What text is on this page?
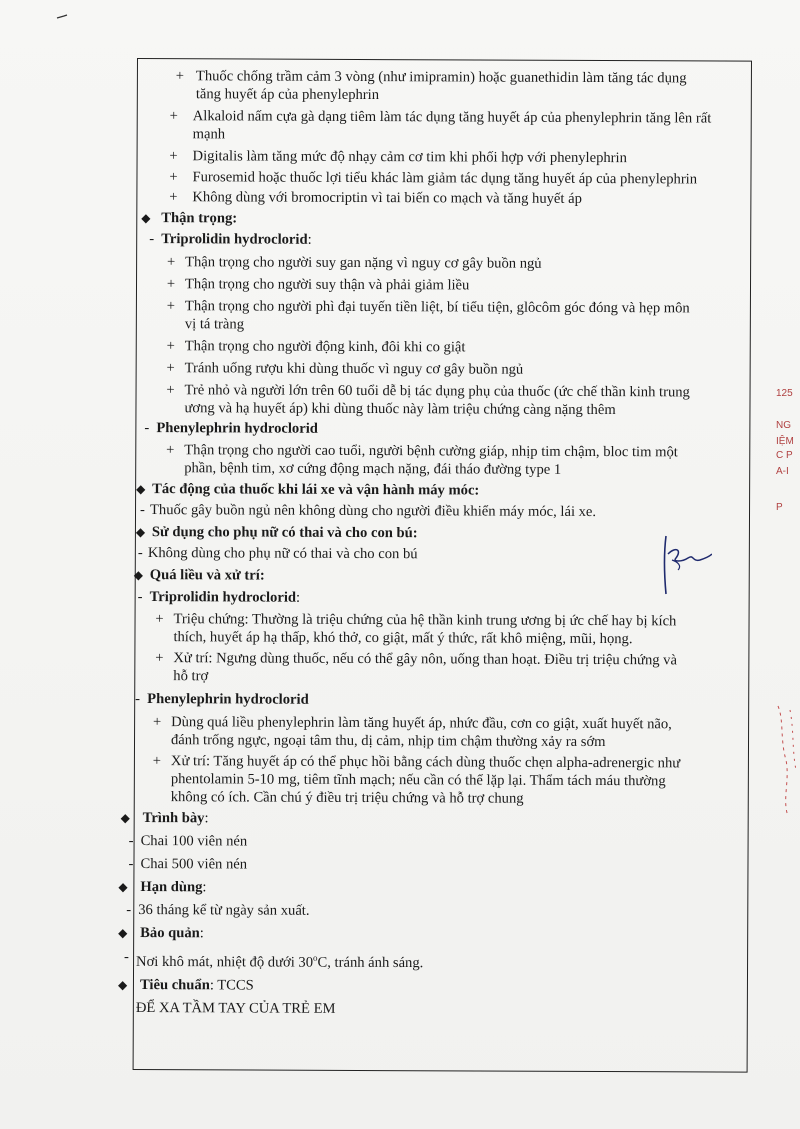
+ Thuốc chống trầm cảm 3 vòng (như imipramin) hoặc guanethidin làm tăng tác dụng
tăng huyết áp của phenylephrin
+	Alkaloid nấm cựa gà dạng tiêm làm tác dụng tăng huyết áp của phenylephrin tăng lên rất
mạnh
+	Digitalis làm tăng mức độ nhạy cảm cơ tim khi phối hợp với phenylephrin
+	Furosemid hoặc thuốc lợi tiểu khác làm giảm tác dụng tăng huyết áp của phenylephrin
+	Không dùng với bromocriptin vì tai biến co mạch và tăng huyết áp
◆ Thận trọng:
- Triprolidin hydroclorid:
+ Thận trọng cho người suy gan nặng vì nguy cơ gây buồn ngủ
+ Thận trọng cho người suy thận và phải giảm liều
+ Thận trọng cho người phì đại tuyến tiền liệt, bí tiểu tiện, glôcôm góc đóng và hẹp môn
vị tá tràng
+ Thận trọng cho người động kinh, đôi khi co giật
+ Tránh uống rượu khi dùng thuốc vì nguy cơ gây buồn ngủ
+ Trẻ nhỏ và người lớn trên 60 tuổi dễ bị tác dụng phụ của thuốc (ức chế thần kinh trung
ương và hạ huyết áp) khi dùng thuốc này làm triệu chứng càng nặng thêm
- Phenylephrin hydroclorid
+ Thận trọng cho người cao tuổi, người bệnh cường giáp, nhịp tim chậm, bloc tim một
phần, bệnh tim, xơ cứng động mạch nặng, đái tháo đường type 1
◆ Tác động của thuốc khi lái xe và vận hành máy móc:
- Thuốc gây buồn ngủ nên không dùng cho người điều khiển máy móc, lái xe.
◆ Sử dụng cho phụ nữ có thai và cho con bú:
- Không dùng cho phụ nữ có thai và cho con bú
◆ Quá liều và xử trí:
- Triprolidin hydroclorid:
+ Triệu chứng: Thường là triệu chứng của hệ thần kinh trung ương bị ức chế hay bị kích
thích, huyết áp hạ thấp, khó thở, co giật, mất ý thức, rất khô miệng, mũi, họng.
+ Xử trí: Ngưng dùng thuốc, nếu có thể gây nôn, uống than hoạt. Điều trị triệu chứng và
hỗ trợ
- Phenylephrin hydroclorid
+ Dùng quá liều phenylephrin làm tăng huyết áp, nhức đầu, cơn co giật, xuất huyết não,
đánh trống ngực, ngoại tâm thu, dị cảm, nhịp tim chậm thường xảy ra sớm
+ Xử trí: Tăng huyết áp có thể phục hồi bằng cách dùng thuốc chẹn alpha-adrenergic như
phentolamin 5-10 mg, tiêm tĩnh mạch; nếu cần có thể lặp lại. Thẩm tách máu thường
không có ích. Cần chú ý điều trị triệu chứng và hỗ trợ chung
◆ Trình bày:
- Chai 100 viên nén
- Chai 500 viên nén
◆ Hạn dùng:
- 36 tháng kể từ ngày sản xuất.
◆ Bảo quản:
- Nơi khô mát, nhiệt độ dưới 30$^o$C, tránh ánh sáng.
◆ Tiêu chuẩn: TCCS
ĐỂ XA TẦM TAY CỦA TRẺ EM
125
NG
IỆM
C P
A-I
P
